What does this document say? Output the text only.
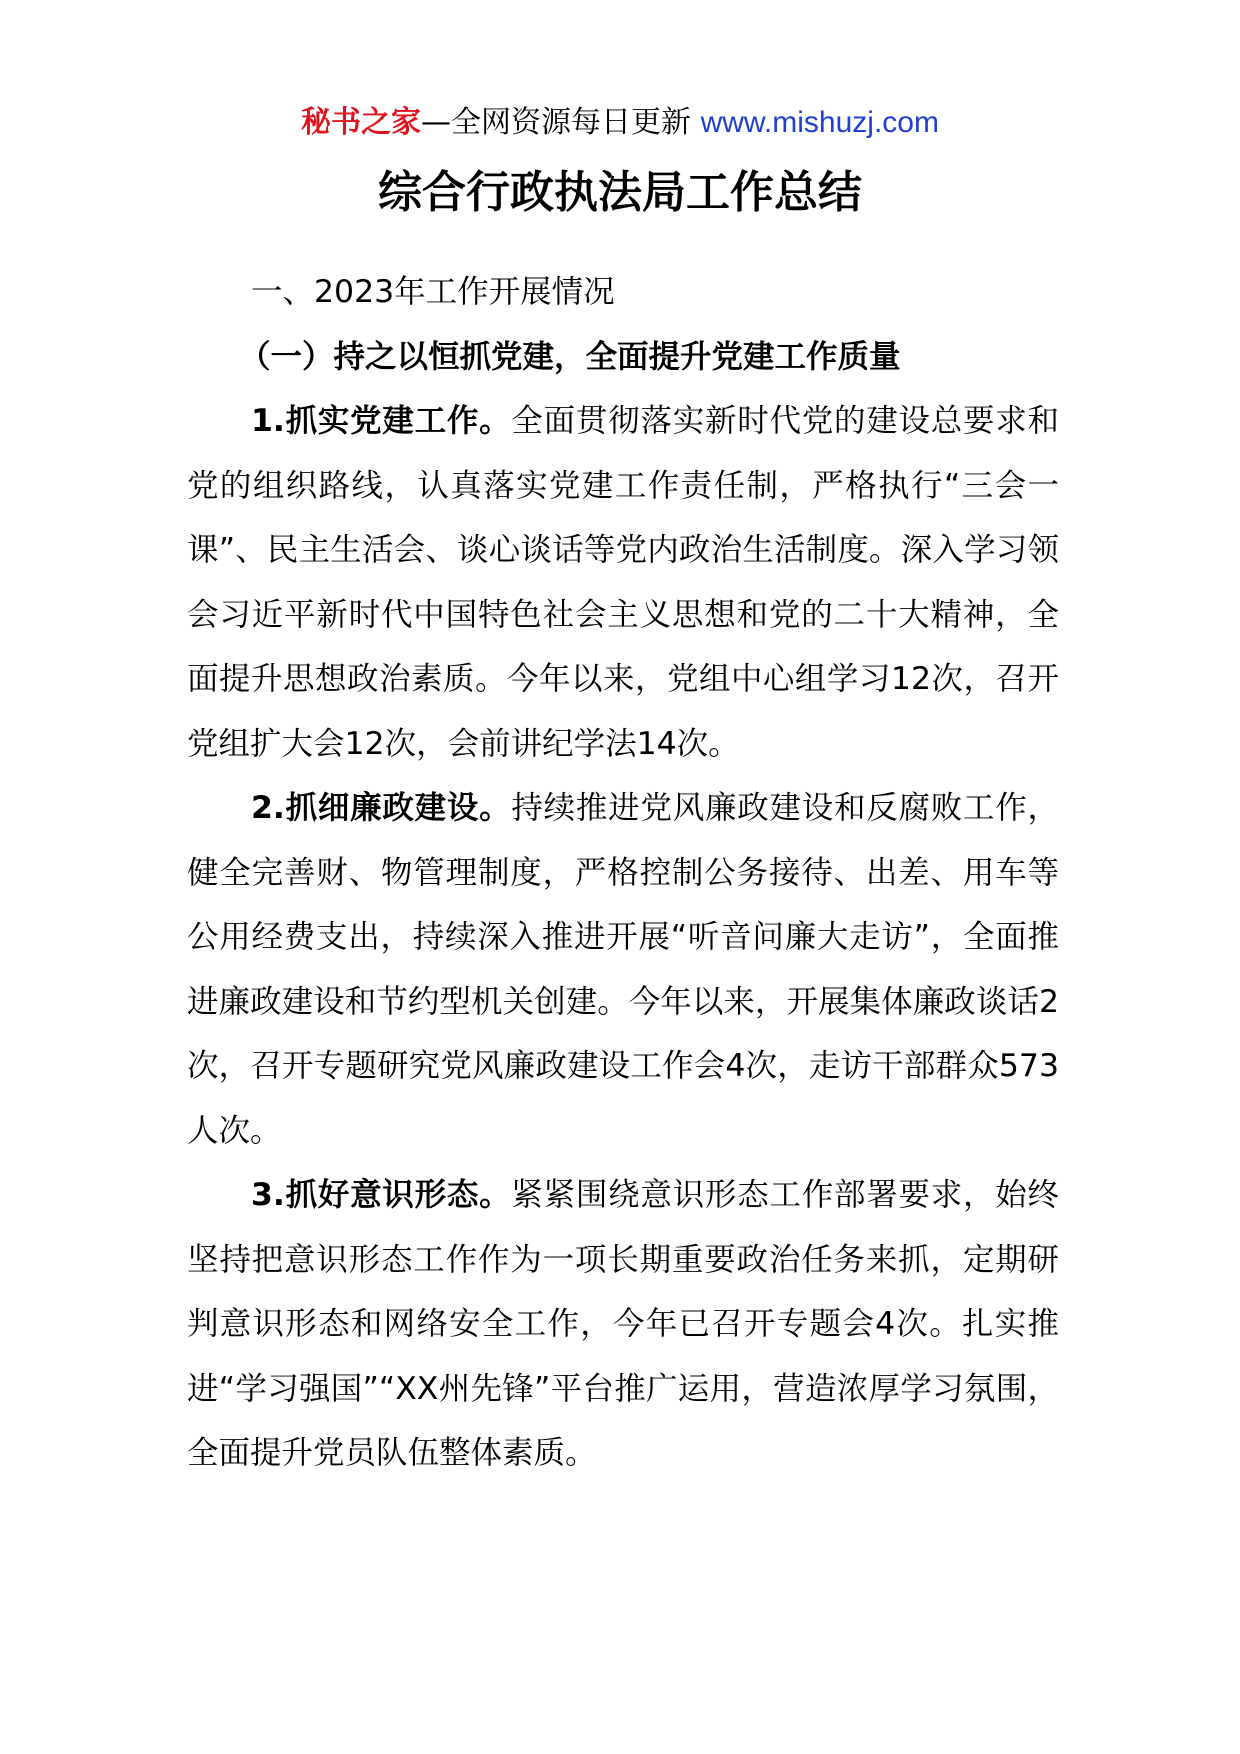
秘书之家—全网资源每日更新 www.mishuzj.com
综合行政执法局工作总结

一、2023年工作开展情况

（一）持之以恒抓党建，全面提升党建工作质量

1.抓实党建工作。全面贯彻落实新时代党的建设总要求和党的组织路线，认真落实党建工作责任制，严格执行“三会一课”、民主生活会、谈心谈话等党内政治生活制度。深入学习领会习近平新时代中国特色社会主义思想和党的二十大精神，全面提升思想政治素质。今年以来，党组中心组学习12次，召开党组扩大会12次，会前讲纪学法14次。

2.抓细廉政建设。持续推进党风廉政建设和反腐败工作，健全完善财、物管理制度，严格控制公务接待、出差、用车等公用经费支出，持续深入推进开展“听音问廉大走访”，全面推进廉政建设和节约型机关创建。今年以来，开展集体廉政谈话2次，召开专题研究党风廉政建设工作会4次，走访干部群众573人次。

3.抓好意识形态。紧紧围绕意识形态工作部署要求，始终坚持把意识形态工作作为一项长期重要政治任务来抓，定期研判意识形态和网络安全工作，今年已召开专题会4次。扎实推进“学习强国”“XX州先锋”平台推广运用，营造浓厚学习氛围，全面提升党员队伍整体素质。
